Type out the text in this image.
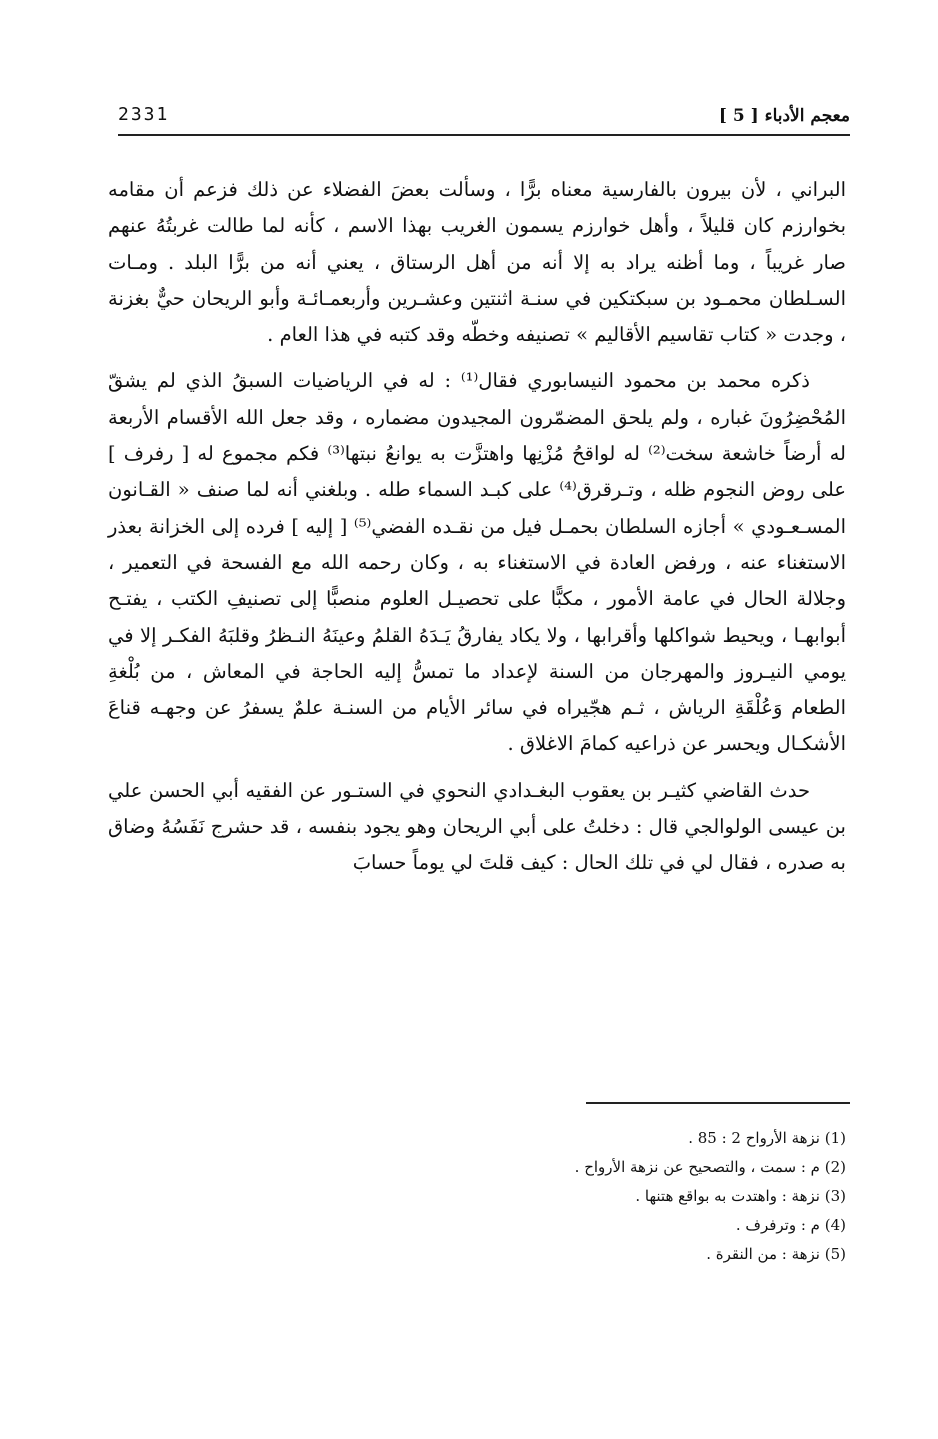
معجم الأدباء [ 5 ]
2331

البراني ، لأن بيرون بالفارسية معناه برًّا ، وسألت بعضَ الفضلاء عن ذلك فزعم أن مقامه بخوارزم كان قليلاً ، وأهل خوارزم يسمون الغريب بهذا الاسم ، كأنه لما طالت غربتُهُ عنهم صار غريباً ، وما أظنه يراد به إلا أنه من أهل الرستاق ، يعني أنه من برًّا البلد . ومـات السـلطان محمـود بن سبكتكين في سنـة اثنتين وعشـرين وأربعمـائـة وأبو الريحان حيٌّ بغزنة ، وجدت « كتاب تقاسيم الأقاليم » تصنيفه وخطّه وقد كتبه في هذا العام .

ذكره محمد بن محمود النيسابوري فقال⁽¹⁾ : له في الرياضيات السبقُ الذي لم يشقّ المُحْضِرُونَ غباره ، ولم يلحق المضمّرون المجيدون مضماره ، وقد جعل الله الأقسام الأربعة له أرضاً خاشعة سخت⁽²⁾ له لواقحُ مُزْنِها واهتزَّت به يوانعُ نبتها⁽³⁾ فكم مجموع له [ رفرف ] على روض النجوم ظله ، وتـرقرق⁽⁴⁾ على كبـد السماء طله . وبلغني أنه لما صنف « القـانون المسـعـودي » أجازه السلطان بحمـل فيل من نقـده الفضي⁽⁵⁾ [ إليه ] فرده إلى الخزانة بعذر الاستغناء عنه ، ورفض العادة في الاستغناء به ، وكان رحمه الله مع الفسحة في التعمير ، وجلالة الحال في عامة الأمور ، مكبًّا على تحصيـل العلوم منصبًّا إلى تصنيفِ الكتب ، يفتـح أبوابهـا ، ويحيط شواكلها وأقرابها ، ولا يكاد يفارقُ يَـدَهُ القلمُ وعينَهُ النـظرُ وقلبَهُ الفكـر إلا في يومي النيـروز والمهرجان من السنة لإعداد ما تمسُّ إليه الحاجة في المعاش ، من بُلْغةِ الطعام وَعُلْقَةِ الرياش ، ثـم هجّيراه في سائر الأيام من السنـة علمٌ يسفرُ عن وجهـه قناعَ الأشكـال ويحسر عن ذراعيه كمامَ الاغلاق .

حدث القاضي كثيـر بن يعقوب البغـدادي النحوي في الستـور عن الفقيه أبي الحسن علي بن عيسى الولوالجي قال : دخلتُ على أبي الريحان وهو يجود بنفسه ، قد حشرج نَفَسُهُ وضاق به صدره ، فقال لي في تلك الحال : كيف قلتَ لي يوماً حسابَ

(1) نزهة الأرواح 2 : 85 .
(2) م : سمت ، والتصحيح عن نزهة الأرواح .
(3) نزهة : واهتدت به بواقع هتنها .
(4) م : وترفرف .
(5) نزهة : من النقرة .
